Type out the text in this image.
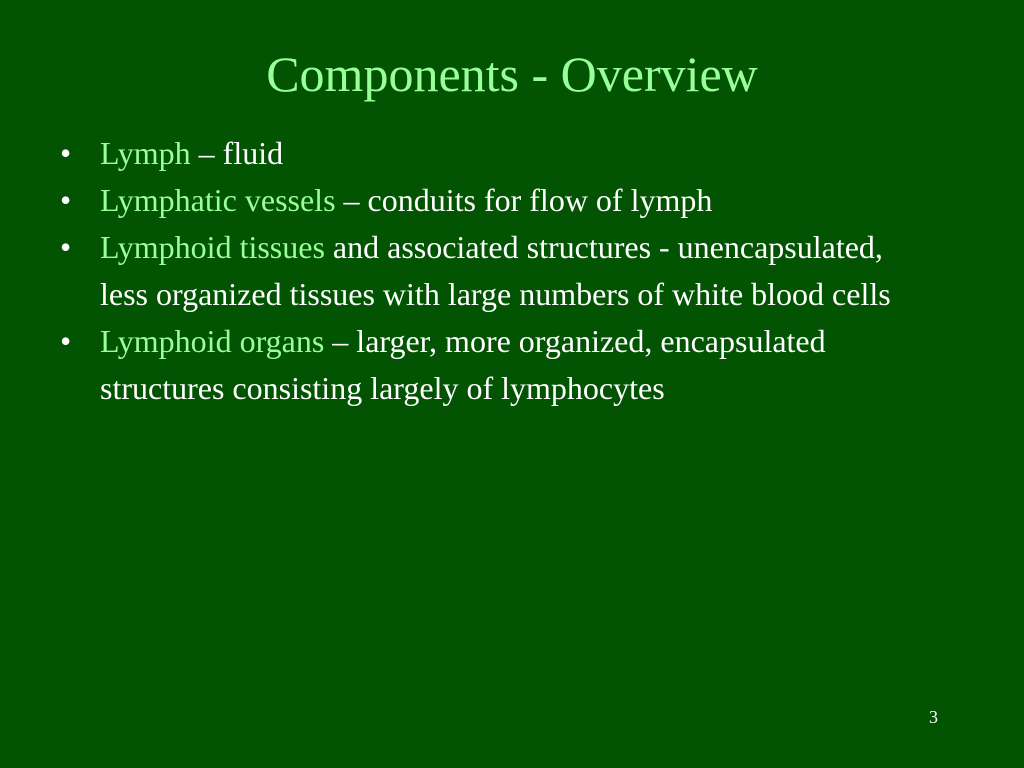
Components - Overview
• Lymph – fluid
• Lymphatic vessels – conduits for flow of lymph
• Lymphoid tissues and associated structures - unencapsulated, less organized tissues with large numbers of white blood cells
• Lymphoid organs – larger, more organized, encapsulated structures consisting largely of lymphocytes
3
